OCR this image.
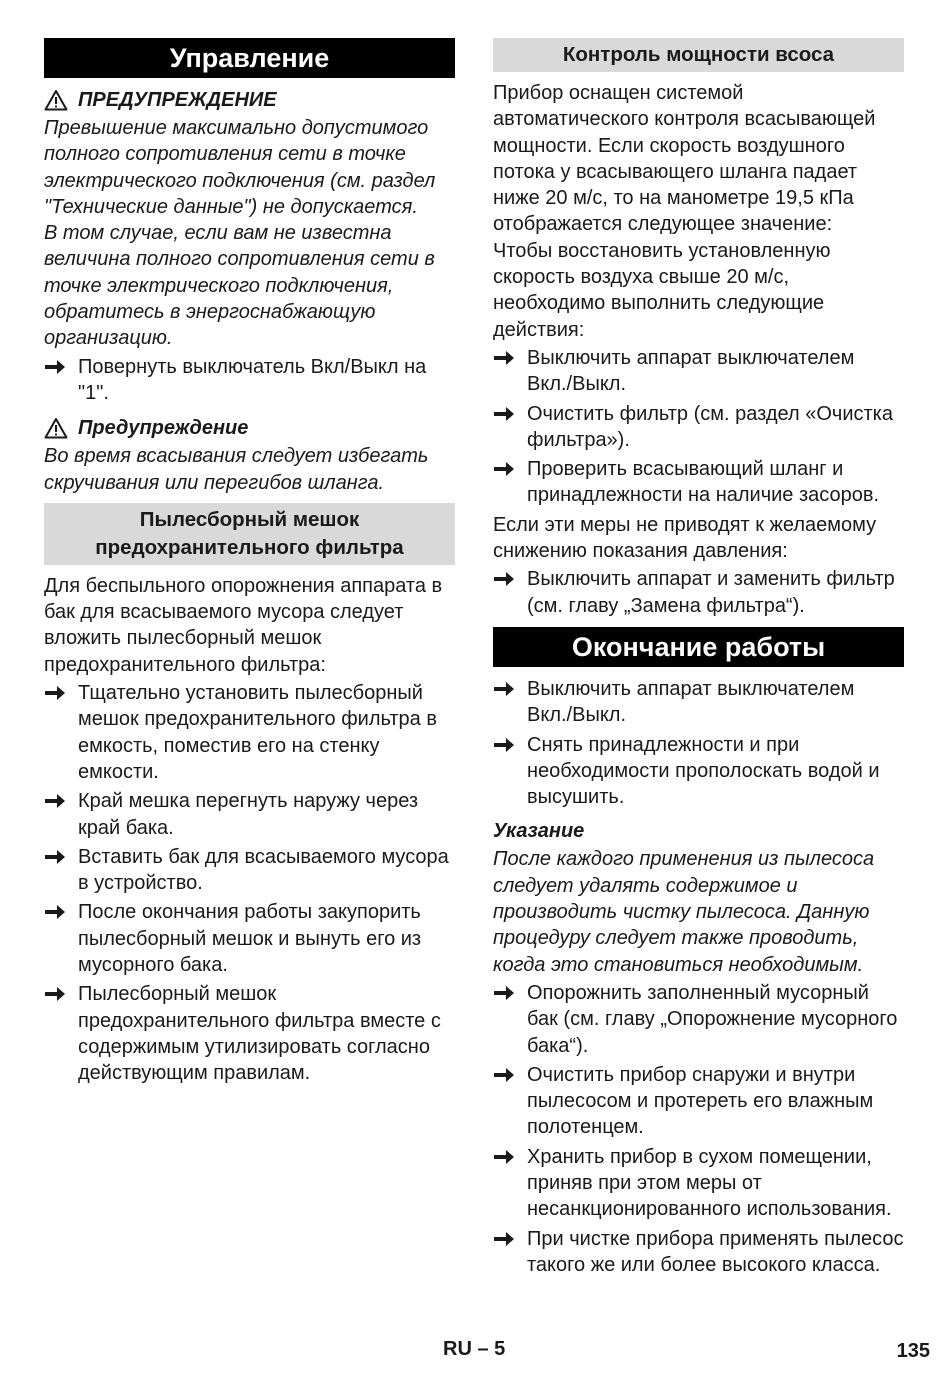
Управление
ПРЕДУПРЕЖДЕНИЕ

Превышение максимально допустимого полного сопротивления сети в точке электрического подключения (см. раздел "Технические данные") не допускается.

В том случае, если вам не известна величина полного сопротивления сети в точке электрического подключения, обратитесь в энергоснабжающую организацию.

Повернуть выключатель Вкл/Выкл на "1".
Предупреждение

Во время всасывания следует избегать скручивания или перегибов шланга.

Пылесборный мешок предохранительного фильтра

Для беспыльного опорожнения аппарата в бак для всасываемого мусора следует вложить пылесборный мешок предохранительного фильтра:

Тщательно установить пылесборный мешок предохранительного фильтра в емкость, поместив его на стенку емкости.
Край мешка перегнуть наружу через край бака.
Вставить бак для всасываемого мусора в устройство.
После окончания работы закупорить пылесборный мешок и вынуть его из мусорного бака.
Пылесборный мешок предохранительного фильтра вместе с содержимым утилизировать согласно действующим правилам.
Контроль мощности всоса

Прибор оснащен системой автоматического контроля всасывающей мощности. Если скорость воздушного потока у всасывающего шланга падает ниже 20 м/с, то на манометре 19,5 кПа отображается следующее значение:

Чтобы восстановить установленную скорость воздуха свыше 20 м/с, необходимо выполнить следующие действия:

Выключить аппарат выключателем Вкл./Выкл.
Очистить фильтр (см. раздел «Очистка фильтра»).
Проверить всасывающий шланг и принадлежности на наличие засоров.

Если эти меры не приводят к желаемому снижению показания давления:

Выключить аппарат и заменить фильтр (см. главу „Замена фильтра“).
Окончание работы
Выключить аппарат выключателем Вкл./Выкл.
Снять принадлежности и при необходимости прополоскать водой и высушить.
Указание

После каждого применения из пылесоса следует удалять содержимое и производить чистку пылесоса. Данную процедуру следует также проводить, когда это становиться необходимым.

Опорожнить заполненный мусорный бак (см. главу „Опорожнение мусорного бака“).
Очистить прибор снаружи и внутри пылесосом и протереть его влажным полотенцем.
Хранить прибор в сухом помещении, приняв при этом меры от несанкционированного использования.
При чистке прибора применять пылесос такого же или более высокого класса.
RU – 5	135
